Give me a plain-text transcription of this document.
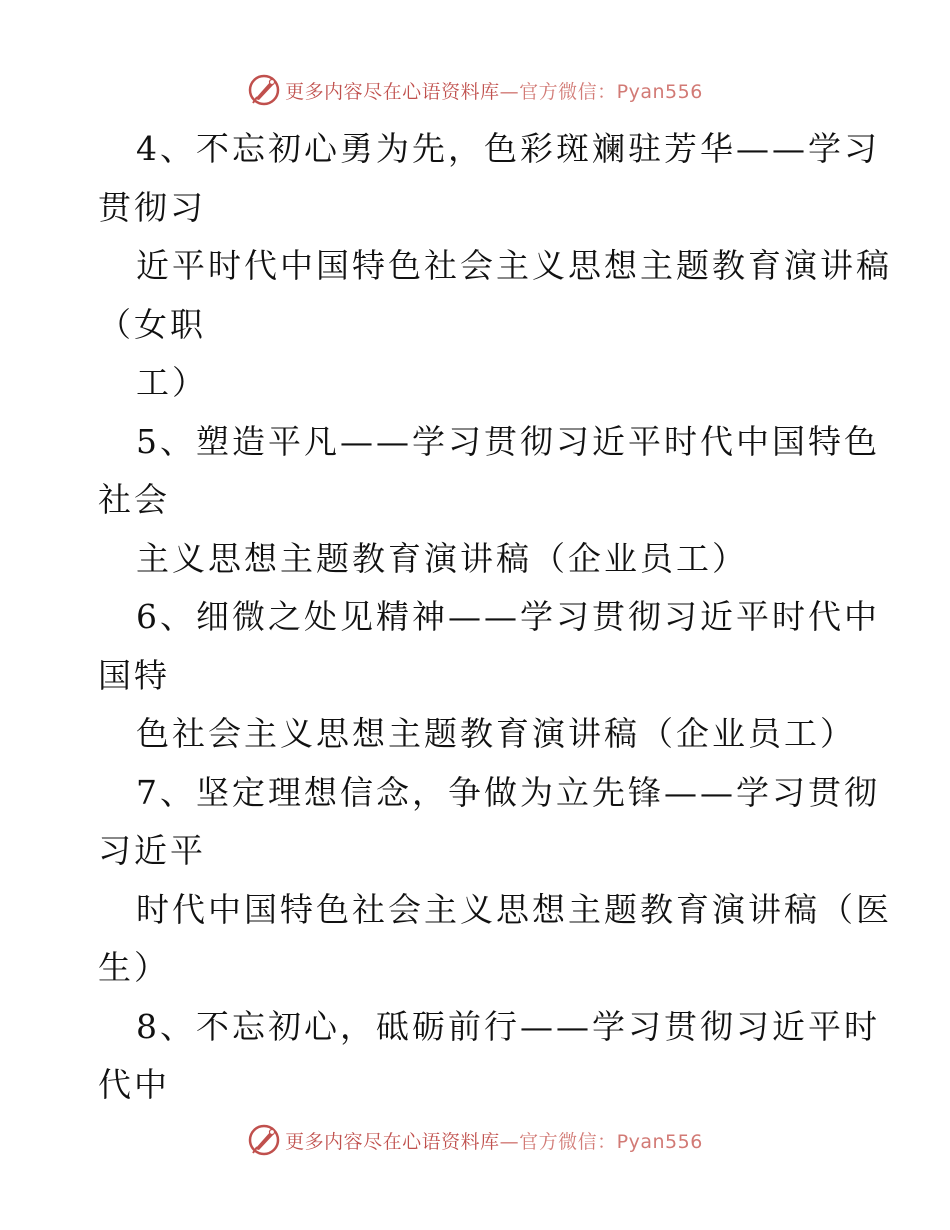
更多内容尽在心语资料库—官方微信：Pyan556
4、不忘初心勇为先，色彩斑斓驻芳华——学习
贯彻习
近平时代中国特色社会主义思想主题教育演讲稿
（女职
工）
5、塑造平凡——学习贯彻习近平时代中国特色
社会
主义思想主题教育演讲稿（企业员工）
6、细微之处见精神——学习贯彻习近平时代中
国特
色社会主义思想主题教育演讲稿（企业员工）
7、坚定理想信念，争做为立先锋——学习贯彻
习近平
时代中国特色社会主义思想主题教育演讲稿（医
生）
8、不忘初心，砥砺前行——学习贯彻习近平时
代中
更多内容尽在心语资料库—官方微信：Pyan556
